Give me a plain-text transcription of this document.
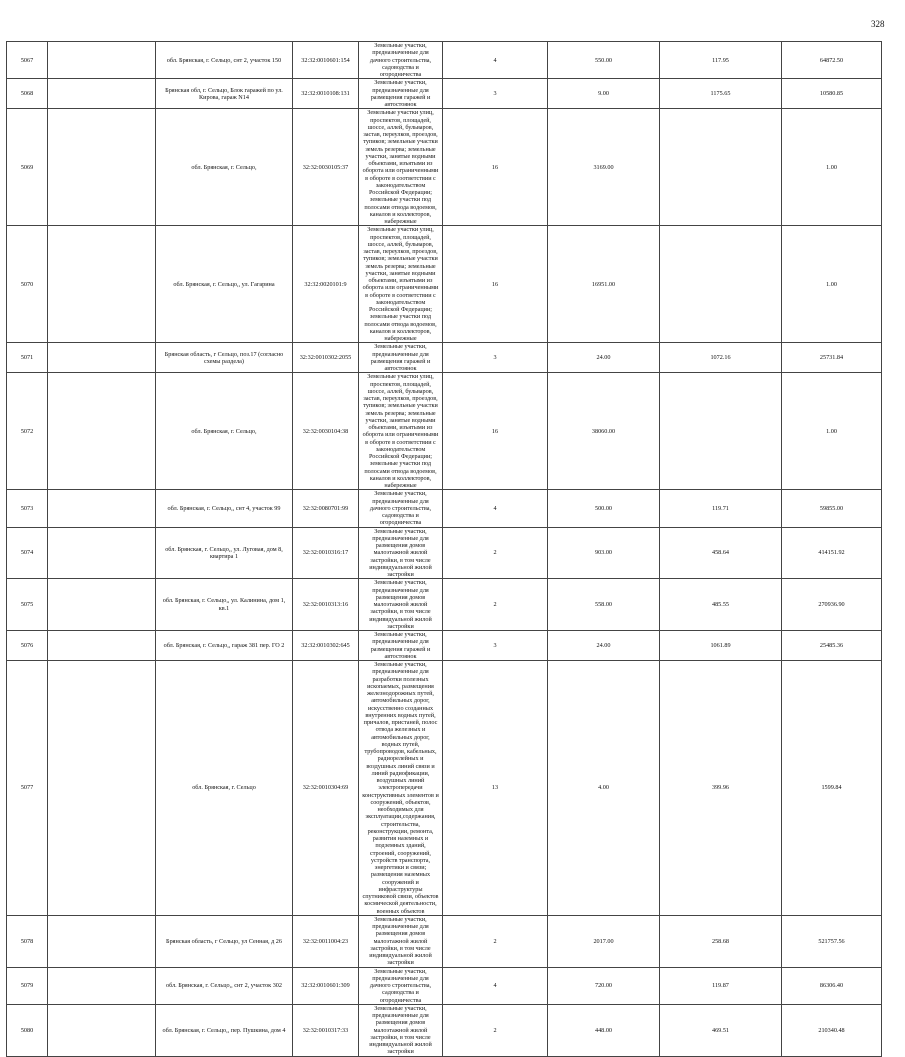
328
5067		обл. Брянская, г. Сельцо, снт 2, участок 150	32:32:0010601:154	Земельные участки, предназначенные для дачного строительства, садоводства и огородничества	4	550.00	117.95	64872.50
5068		Брянская обл, г. Сельцо, Блок гаражей по ул. Кирова, гараж N14	32:32:0010108:131	Земельные участки, предназначенные для размещения гаражей и автостоянок	3	9.00	1175.65	10580.85
5069		обл. Брянская, г. Сельцо,	32:32:0030105:37	Земельные участки улиц, проспектов, площадей, шоссе, аллей, бульваров, застав, переулков, проездов, тупиков; земельные участки земель резерва; земельные участки, занятые водными объектами, изъятыми из оборота или ограниченными в обороте в соответствии с законодательством Российской Федерации; земельные участки под полосами отвода водоемов, каналов и коллекторов, набережные	16	3169.00		1.00
5070		обл. Брянская, г. Сельцо,, ул. Гагарина	32:32:0020101:9	Земельные участки улиц, проспектов, площадей, шоссе, аллей, бульваров, застав, переулков, проездов, тупиков; земельные участки земель резерва; земельные участки, занятые водными объектами, изъятыми из оборота или ограниченными в обороте в соответствии с законодательством Российской Федерации; земельные участки под полосами отвода водоемов, каналов и коллекторов, набережные	16	16951.00		1.00
5071		Брянская область, г Сельцо, поз.17 (согласно схемы раздела)	32:32:0010302:2055	Земельные участки, предназначенные для размещения гаражей и автостоянок	3	24.00	1072.16	25731.84
5072		обл. Брянская, г. Сельцо,	32:32:0030104:38	Земельные участки улиц, проспектов, площадей, шоссе, аллей, бульваров, застав, переулков, проездов, тупиков; земельные участки земель резерва; земельные участки, занятые водными объектами, изъятыми из оборота или ограниченными в обороте в соответствии с законодательством Российской Федерации; земельные участки под полосами отвода водоемов, каналов и коллекторов, набережные	16	38060.00		1.00
5073		обл. Брянская, г. Сельцо,, снт 4, участок 99	32:32:0080701:99	Земельные участки, предназначенные для дачного строительства, садоводства и огородничества	4	500.00	119.71	59855.00
5074		обл. Брянская, г. Сельцо,, ул. Луговая, дом 8, квартира 1	32:32:0010316:17	Земельные участки, предназначенные для размещения домов малоэтажной жилой застройки, в том числе индивидуальной жилой застройки	2	903.00	458.64	414151.92
5075		обл. Брянская, г. Сельцо,, ул. Калинина, дом 1, кв.1	32:32:0010313:16	Земельные участки, предназначенные для размещения домов малоэтажной жилой застройки, в том числе индивидуальной жилой застройки	2	558.00	485.55	270936.90
5076		обл. Брянская, г. Сельцо,, гараж 381 пер. ГО 2	32:32:0010302:645	Земельные участки, предназначенные для размещения гаражей и автостоянок	3	24.00	1061.89	25485.36
5077		обл. Брянская, г. Сельцо	32:32:0010304:69	Земельные участки, предназначенные для разработки полезных ископаемых, размещения железнодорожных путей, автомобильных дорог, искусственно созданных внутренних водных путей, причалов, пристаней, полос отвода железных и автомобильных дорог, водных путей, трубопроводов, кабельных, радиорелейных и воздушных линий связи и линий радиофикации, воздушных линий электропередачи конструктивных элементов и сооружений, объектов, необходимых для эксплуатации,содержания, строительства, реконструкции, ремонта, развития наземных и подземных зданий, строений, сооружений, устройств транспорта, энергетики и связи; размещения наземных сооружений и инфраструктуры спутниковой связи, объектов космической деятельности, военных объектов	13	4.00	399.96	1599.84
5078		Брянская область, г Сельцо, ул Сенная, д 26	32:32:0011004:23	Земельные участки, предназначенные для размещения домов малоэтажной жилой застройки, в том числе индивидуальной жилой застройки	2	2017.00	258.68	521757.56
5079		обл. Брянская, г. Сельцо,, снт 2, участок 302	32:32:0010601:309	Земельные участки, предназначенные для дачного строительства, садоводства и огородничества	4	720.00	119.87	86306.40
5080		обл. Брянская, г. Сельцо,, пер. Пушкина, дом 4	32:32:0010317:33	Земельные участки, предназначенные для размещения домов малоэтажной жилой застройки, в том числе индивидуальной жилой застройки	2	448.00	469.51	210340.48
